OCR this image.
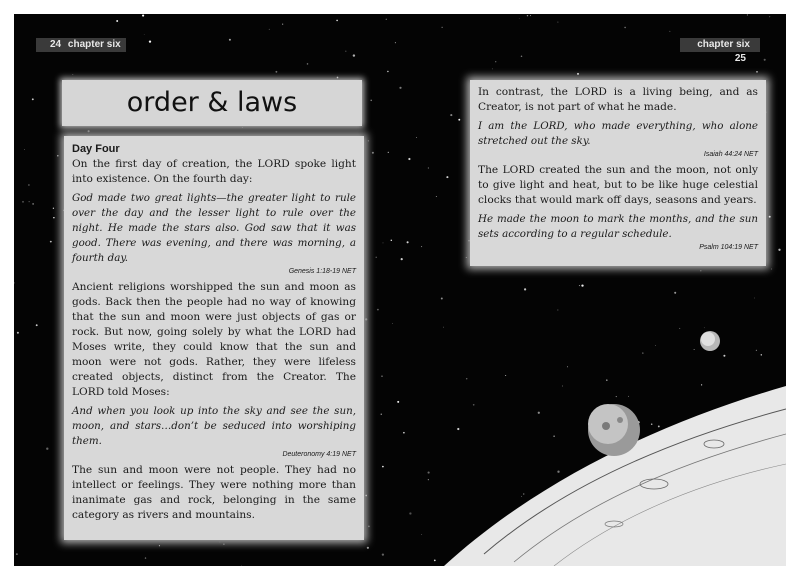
24 chapter six	chapter six 25
order & laws
Day Four

On the first day of creation, the LORD spoke light into existence. On the fourth day:

God made two great lights—the greater light to rule over the day and the lesser light to rule over the night. He made the stars also. God saw that it was good. There was evening, and there was morning, a fourth day.

Genesis 1:18-19 NET

Ancient religions worshipped the sun and moon as gods. Back then the people had no way of knowing that the sun and moon were just objects of gas or rock. But now, going solely by what the LORD had Moses write, they could know that the sun and moon were not gods. Rather, they were lifeless created objects, distinct from the Creator. The LORD told Moses:

And when you look up into the sky and see the sun, moon, and stars…don’t be seduced into worshiping them.

Deuteronomy 4:19 NET

The sun and moon were not people. They had no intellect or feelings. They were nothing more than inanimate gas and rock, belonging in the same category as rivers and mountains.

In contrast, the LORD is a living being, and as Creator, is not part of what he made.

I am the LORD, who made everything, who alone stretched out the sky.

Isaiah 44:24 NET

The LORD created the sun and the moon, not only to give light and heat, but to be like huge celestial clocks that would mark off days, seasons and years.

He made the moon to mark the months, and the sun sets according to a regular schedule.

Psalm 104:19 NET
